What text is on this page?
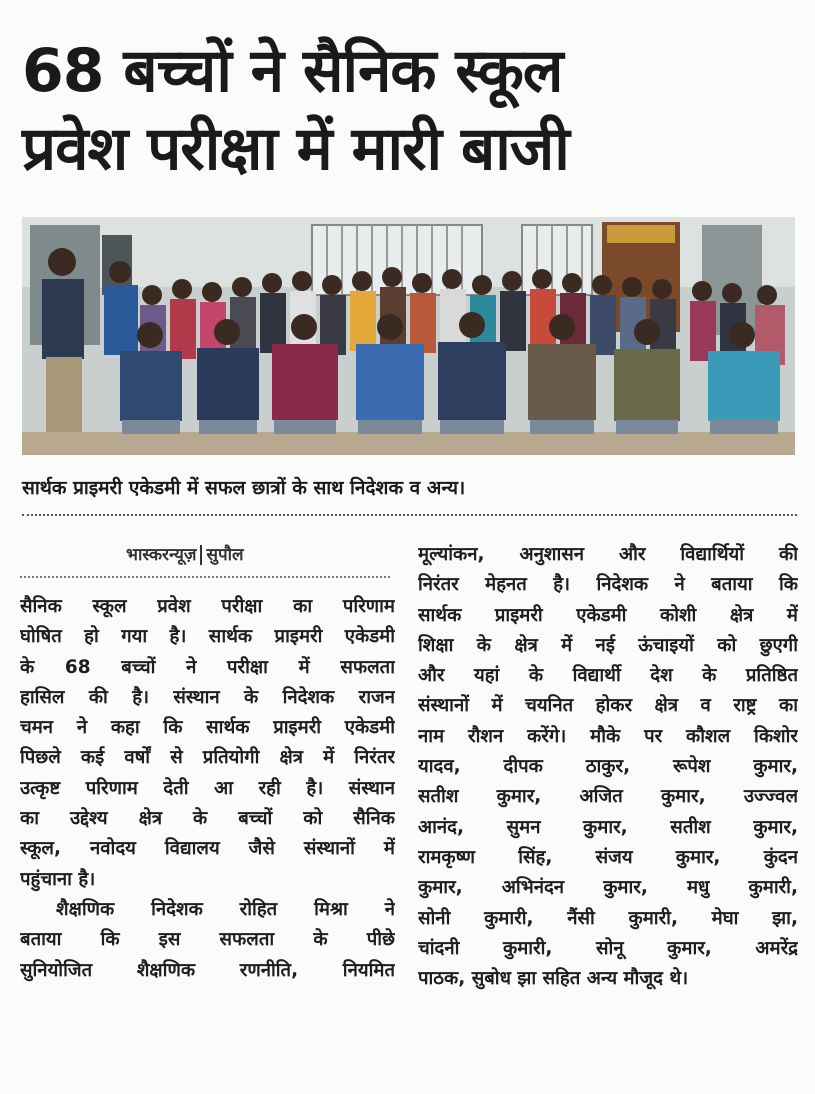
68 बच्चों ने सैनिक स्कूल
प्रवेश परीक्षा में मारी बाजी
सार्थक प्राइमरी एकेडमी में सफल छात्रों के साथ निदेशक व अन्य।
भास्करन्यूज़ सुपौल
सैनिक स्कूल प्रवेश परीक्षा का परिणाम
घोषित हो गया है। सार्थक प्राइमरी एकेडमी
के 68 बच्चों ने परीक्षा में सफलता
हासिल की है। संस्थान के निदेशक राजन
चमन ने कहा कि सार्थक प्राइमरी एकेडमी
पिछले कई वर्षों से प्रतियोगी क्षेत्र में निरंतर
उत्कृष्ट परिणाम देती आ रही है। संस्थान
का उद्देश्य क्षेत्र के बच्चों को सैनिक
स्कूल, नवोदय विद्यालय जैसे संस्थानों में
पहुंचाना है।
शैक्षणिक निदेशक रोहित मिश्रा ने
बताया कि इस सफलता के पीछे
सुनियोजित शैक्षणिक रणनीति, नियमित
मूल्यांकन, अनुशासन और विद्यार्थियों की
निरंतर मेहनत है। निदेशक ने बताया कि
सार्थक प्राइमरी एकेडमी कोशी क्षेत्र में
शिक्षा के क्षेत्र में नई ऊंचाइयों को छुएगी
और यहां के विद्यार्थी देश के प्रतिष्ठित
संस्थानों में चयनित होकर क्षेत्र व राष्ट्र का
नाम रौशन करेंगे। मौके पर कौशल किशोर
यादव, दीपक ठाकुर, रूपेश कुमार,
सतीश कुमार, अजित कुमार, उज्ज्वल
आनंद, सुमन कुमार, सतीश कुमार,
रामकृष्ण सिंह, संजय कुमार, कुंदन
कुमार, अभिनंदन कुमार, मधु कुमारी,
सोनी कुमारी, नैंसी कुमारी, मेघा झा,
चांदनी कुमारी, सोनू कुमार, अमरेंद्र
पाठक, सुबोध झा सहित अन्य मौजूद थे।
